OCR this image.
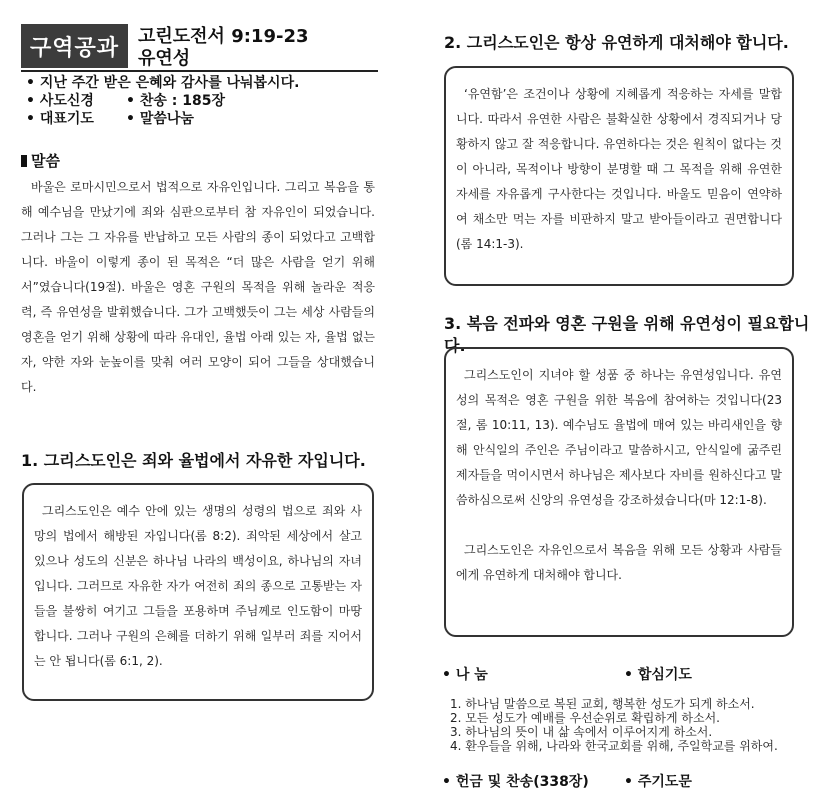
구역공과	고린도전서 9:19-23
유연성
• 지난 주간 받은 은혜와 감사를 나눠봅시다.
• 사도신경	• 찬송 : 185장
• 대표기도	• 말씀나눔
말씀
바울은 로마시민으로서 법적으로 자유인입니다. 그리고 복음을 통해 예수님을 만났기에 죄와 심판으로부터 참 자유인이 되었습니다. 그러나 그는 그 자유를 반납하고 모든 사람의 종이 되었다고 고백합니다. 바울이 이렇게 종이 된 목적은 “더 많은 사람을 얻기 위해서”였습니다(19절). 바울은 영혼 구원의 목적을 위해 놀라운 적응력, 즉 유연성을 발휘했습니다. 그가 고백했듯이 그는 세상 사람들의 영혼을 얻기 위해 상황에 따라 유대인, 율법 아래 있는 자, 율법 없는 자, 약한 자와 눈높이를 맞춰 여러 모양이 되어 그들을 상대했습니다.
1. 그리스도인은 죄와 율법에서 자유한 자입니다.
그리스도인은 예수 안에 있는 생명의 성령의 법으로 죄와 사망의 법에서 해방된 자입니다(롬 8:2). 죄악된 세상에서 살고 있으나 성도의 신분은 하나님 나라의 백성이요, 하나님의 자녀입니다. 그러므로 자유한 자가 여전히 죄의 종으로 고통받는 자들을 불쌍히 여기고 그들을 포용하며 주님께로 인도함이 마땅합니다. 그러나 구원의 은혜를 더하기 위해 일부러 죄를 지어서는 안 됩니다(롬 6:1, 2).
2. 그리스도인은 항상 유연하게 대처해야 합니다.
‘유연함’은 조건이나 상황에 지혜롭게 적응하는 자세를 말합니다. 따라서 유연한 사람은 불확실한 상황에서 경직되거나 당황하지 않고 잘 적응합니다. 유연하다는 것은 원칙이 없다는 것이 아니라, 목적이나 방향이 분명할 때 그 목적을 위해 유연한 자세를 자유롭게 구사한다는 것입니다. 바울도 믿음이 연약하여 채소만 먹는 자를 비판하지 말고 받아들이라고 권면합니다(롬 14:1-3).
3. 복음 전파와 영혼 구원을 위해 유연성이 필요합니다.
그리스도인이 지녀야 할 성품 중 하나는 유연성입니다. 유연성의 목적은 영혼 구원을 위한 복음에 참여하는 것입니다(23절, 롬 10:11, 13). 예수님도 율법에 매여 있는 바리새인을 향해 안식일의 주인은 주님이라고 말씀하시고, 안식일에 굶주린 제자들을 먹이시면서 하나님은 제사보다 자비를 원하신다고 말씀하심으로써 신앙의 유연성을 강조하셨습니다(마 12:1-8).
그리스도인은 자유인으로서 복음을 위해 모든 상황과 사람들에게 유연하게 대처해야 합니다.
• 나 눔	• 합심기도
1. 하나님 말씀으로 복된 교회, 행복한 성도가 되게 하소서.
2. 모든 성도가 예배를 우선순위로 확립하게 하소서.
3. 하나님의 뜻이 내 삶 속에서 이루어지게 하소서.
4. 환우들을 위해, 나라와 한국교회를 위해, 주일학교를 위하여.
• 헌금 및 찬송(338장)	• 주기도문
